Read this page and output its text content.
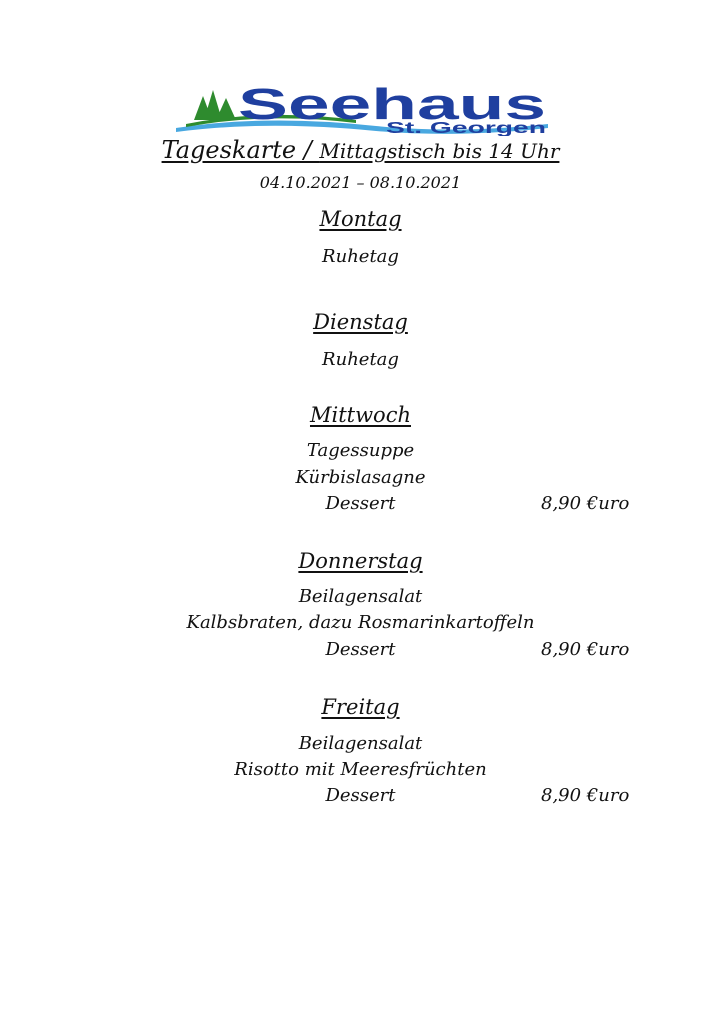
Seehaus
St. Georgen
Tageskarte / Mittagstisch bis 14 Uhr
04.10.2021 – 08.10.2021
Montag
Ruhetag
Dienstag
Ruhetag
Mittwoch
Tagessuppe
Kürbislasagne
Dessert	8,90 €uro
Donnerstag
Beilagensalat
Kalbsbraten, dazu Rosmarinkartoffeln
Dessert	8,90 €uro
Freitag
Beilagensalat
Risotto mit Meeresfrüchten
Dessert	8,90 €uro
